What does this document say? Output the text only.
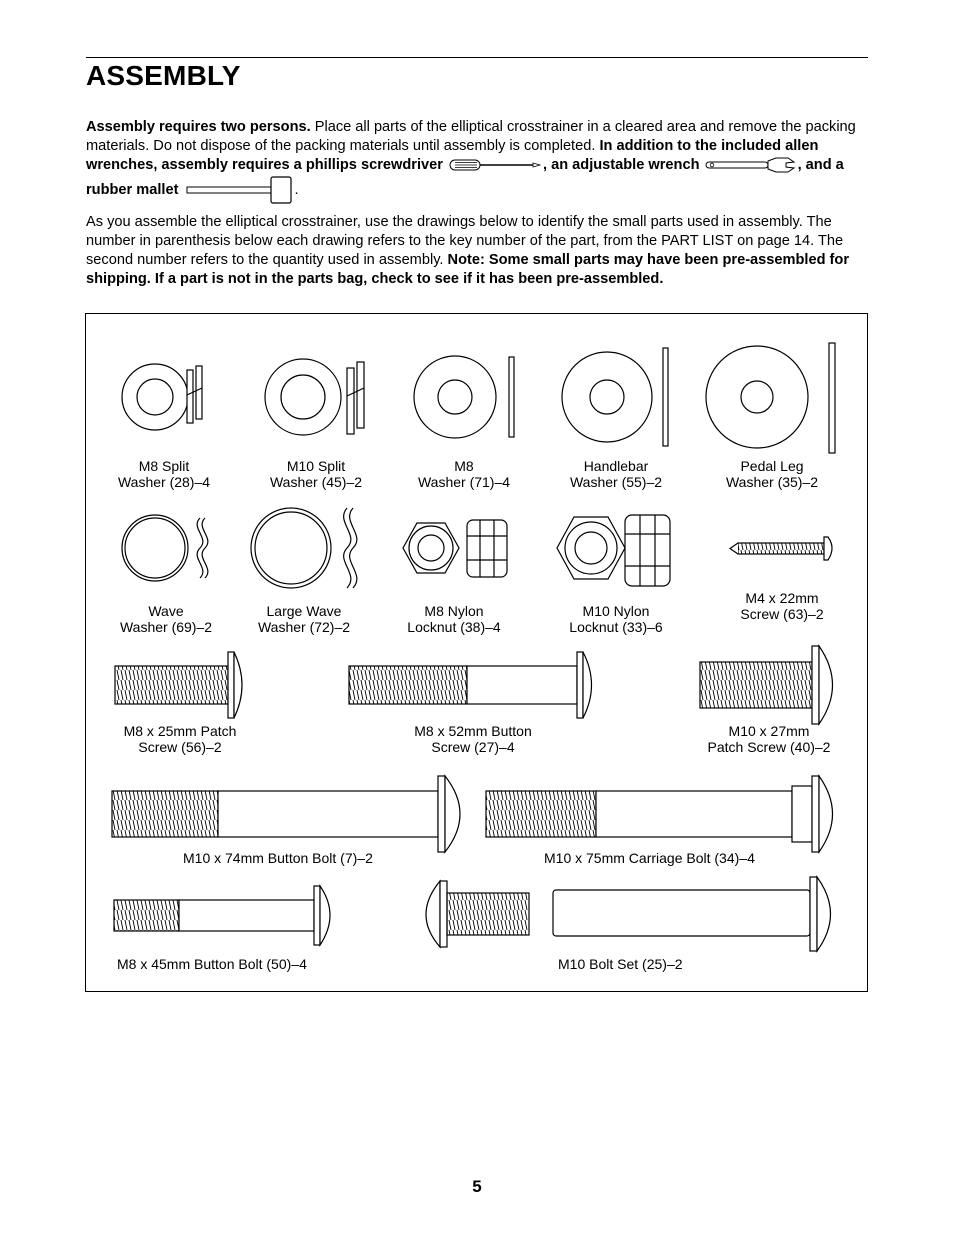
ASSEMBLY

Assembly requires two persons. Place all parts of the elliptical crosstrainer in a cleared area and remove the packing materials. Do not dispose of the packing materials until assembly is completed. In addition to the included allen wrenches, assembly requires a phillips screwdriver	, an adjustable wrench	, and a rubber mallet	.

As you assemble the elliptical crosstrainer, use the drawings below to identify the small parts used in assembly. The number in parenthesis below each drawing refers to the key number of the part, from the PART LIST on page 14. The second number refers to the quantity used in assembly. Note: Some small parts may have been pre-assembled for shipping. If a part is not in the parts bag, check to see if it has been pre-assembled.

M8 Split
Washer (28)–4
M10 Split
Washer (45)–2
M8
Washer (71)–4
Handlebar
Washer (55)–2
Pedal Leg
Washer (35)–2
Wave
Washer (69)–2
Large Wave
Washer (72)–2
M8 Nylon
Locknut (38)–4
M10 Nylon
Locknut (33)–6
M4 x 22mm
Screw (63)–2
M8 x 25mm Patch
Screw (56)–2
M8 x 52mm Button
Screw (27)–4
M10 x 27mm
Patch Screw (40)–2
M10 x 74mm Button Bolt (7)–2	M10 x 75mm Carriage Bolt (34)–4
M8 x 45mm Button Bolt (50)–4	M10 Bolt Set (25)–2
5
